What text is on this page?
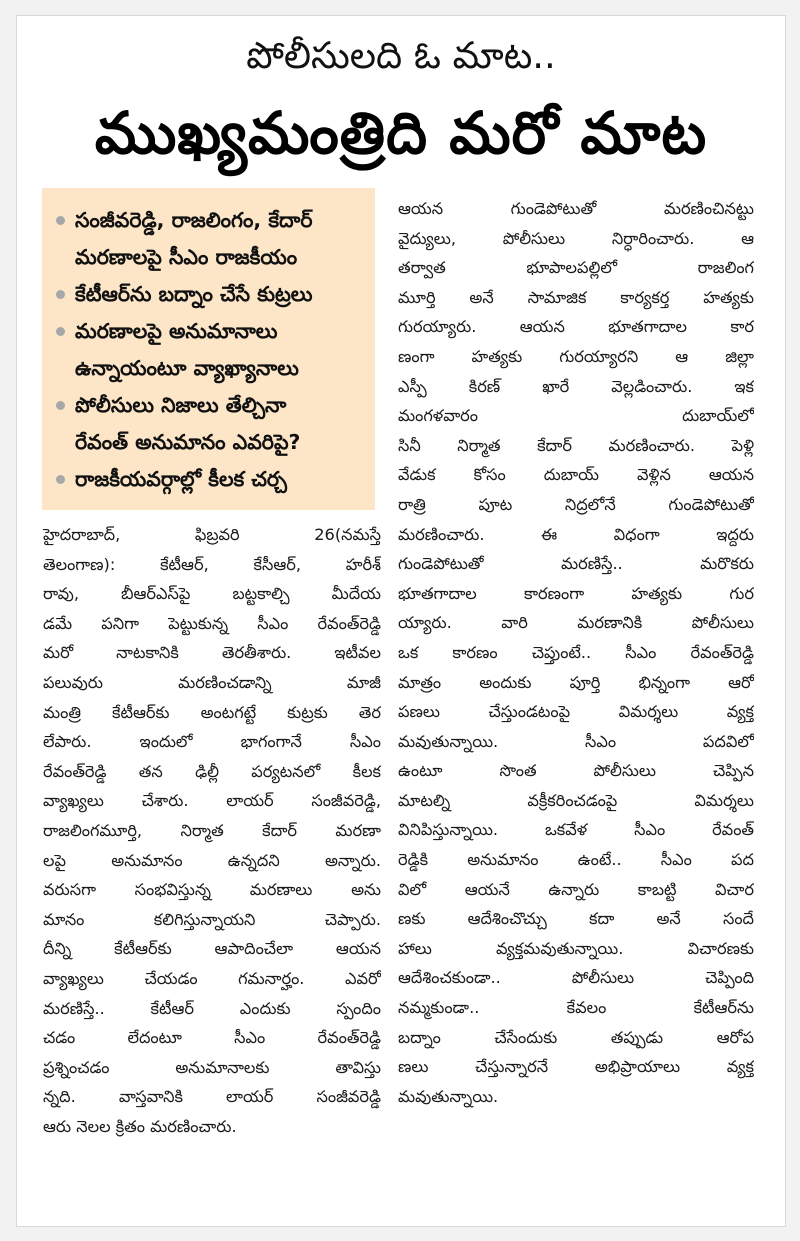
పోలీసులది ఓ మాట..
ముఖ్యమంత్రిది మరో మాట
సంజీవరెడ్డి, రాజలింగం, కేదార్
మరణాలపై సీఎం రాజకీయం
కేటీఆర్‌ను బద్నాం చేసే కుట్రలు
మరణాలపై అనుమానాలు
ఉన్నాయంటూ వ్యాఖ్యానాలు
పోలీసులు నిజాలు తేల్చినా
రేవంత్‌ అనుమానం ఎవరిపై?
రాజకీయవర్గాల్లో కీలక చర్చ
హైదరాబాద్‌, ఫిబ్రవరి 26(నమస్తే
తెలంగాణ): కేటీఆర్‌, కేసీఆర్‌, హరీశ్‌
రావు, బీఆర్‌ఎస్‌పై బట్టకాల్చి మీదేయ
డమే పనిగా పెట్టుకున్న సీఎం రేవంత్‌రెడ్డి
మరో నాటకానికి తెరతీశారు. ఇటీవల
పలువురు మరణించడాన్ని మాజీ
మంత్రి కేటీఆర్‌కు అంటగట్టే కుట్రకు తెర
లేపారు. ఇందులో భాగంగానే సీఎం
రేవంత్‌రెడ్డి తన ఢిల్లీ పర్యటనలో కీలక
వ్యాఖ్యలు చేశారు. లాయర్‌ సంజీవరెడ్డి,
రాజలింగమూర్తి, నిర్మాత కేదార్‌ మరణా
లపై అనుమానం ఉన్నదని అన్నారు.
వరుసగా సంభవిస్తున్న మరణాలు అను
మానం కలిగిస్తున్నాయని చెప్పారు.
దీన్ని కేటీఆర్‌కు ఆపాదించేలా ఆయన
వ్యాఖ్యలు చేయడం గమనార్హం. ఎవరో
మరణిస్తే.. కేటీఆర్‌ ఎందుకు స్పందిం
చడం లేదంటూ సీఎం రేవంత్‌రెడ్డి
ప్రశ్నించడం అనుమానాలకు తావిస్తు
న్నది. వాస్తవానికి లాయర్‌ సంజీవరెడ్డి
ఆరు నెలల క్రితం మరణించారు.
ఆయన గుండెపోటుతో మరణించినట్టు
వైద్యులు, పోలీసులు నిర్ధారించారు. ఆ
తర్వాత భూపాలపల్లిలో రాజలింగ
మూర్తి అనే సామాజిక కార్యకర్త హత్యకు
గురయ్యారు. ఆయన భూతగాదాల కార
ణంగా హత్యకు గురయ్యారని ఆ జిల్లా
ఎస్పీ కిరణ్‌ ఖారే వెల్లడించారు. ఇక
మంగళవారం దుబాయ్‌లో
సినీ నిర్మాత కేదార్‌ మరణించారు. పెళ్లి
వేడుక కోసం దుబాయ్‌ వెళ్లిన ఆయన
రాత్రి పూట నిద్రలోనే గుండెపోటుతో
మరణించారు. ఈ విధంగా ఇద్దరు
గుండెపోటుతో మరణిస్తే.. మరొకరు
భూతగాదాల కారణంగా హత్యకు గుర
య్యారు. వారి మరణానికి పోలీసులు
ఒక కారణం చెప్తుంటే.. సీఎం రేవంత్‌రెడ్డి
మాత్రం అందుకు పూర్తి భిన్నంగా ఆరో
పణలు చేస్తుండటంపై విమర్శలు వ్యక్త
మవుతున్నాయి. సీఎం పదవిలో
ఉంటూ సొంత పోలీసులు చెప్పిన
మాటల్ని వక్రీకరించడంపై విమర్శలు
వినిపిస్తున్నాయి. ఒకవేళ సీఎం రేవంత్‌
రెడ్డికి అనుమానం ఉంటే.. సీఎం పద
విలో ఆయనే ఉన్నారు కాబట్టి విచార
ణకు ఆదేశించొచ్చు కదా అనే సందే
హాలు వ్యక్తమవుతున్నాయి. విచారణకు
ఆదేశించకుండా.. పోలీసులు చెప్పింది
నమ్మకుండా.. కేవలం కేటీఆర్‌ను
బద్నాం చేసేందుకు తప్పుడు ఆరోప
ణలు చేస్తున్నారనే అభిప్రాయాలు వ్యక్త
మవుతున్నాయి.
